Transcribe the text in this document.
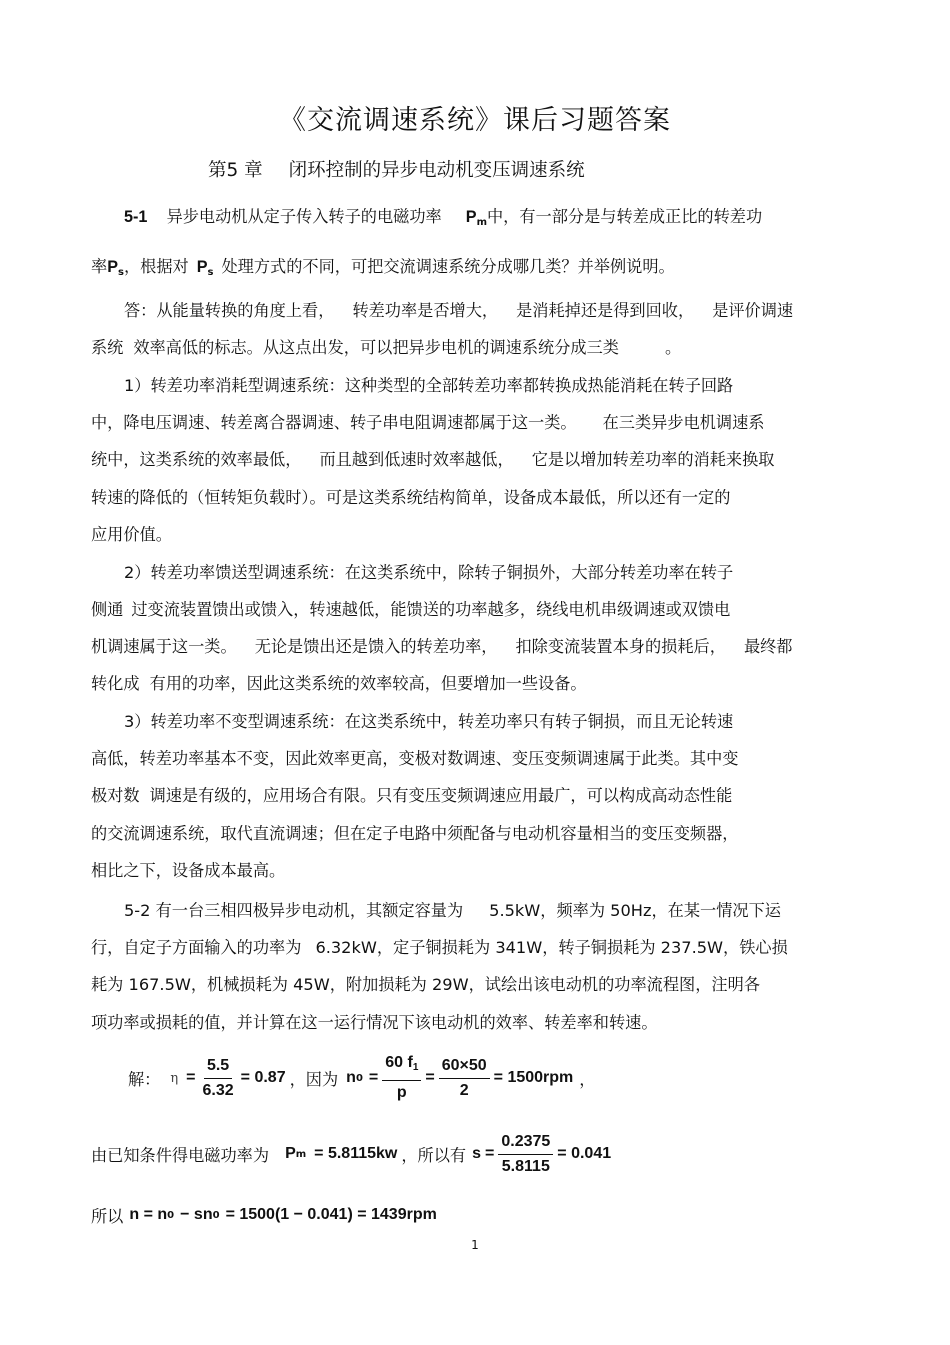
《交流调速系统》课后习题答案
第5 章 闭环控制的异步电动机变压调速系统
5-1 异步电动机从定子传入转子的电磁功率 $P_m$中，有一部分是与转差成正比的转差功
率$P_s$，根据对 $P_s$ 处理方式的不同，可把交流调速系统分成哪几类？并举例说明。
答：从能量转换的角度上看， 转差功率是否增大， 是消耗掉还是得到回收， 是评价调速
系统 效率高低的标志。从这点出发，可以把异步电机的调速系统分成三类	。
1）转差功率消耗型调速系统：这种类型的全部转差功率都转换成热能消耗在转子回路
中，降电压调速、转差离合器调速、转子串电阻调速都属于这一类。 在三类异步电机调速系
统中，这类系统的效率最低， 而且越到低速时效率越低， 它是以增加转差功率的消耗来换取
转速的降低的（恒转矩负载时）。可是这类系统结构简单，设备成本最低，所以还有一定的
应用价值。
2）转差功率馈送型调速系统：在这类系统中，除转子铜损外，大部分转差功率在转子
侧通 过变流装置馈出或馈入，转速越低，能馈送的功率越多，绕线电机串级调速或双馈电
机调速属于这一类。 无论是馈出还是馈入的转差功率， 扣除变流装置本身的损耗后， 最终都
转化成 有用的功率，因此这类系统的效率较高，但要增加一些设备。
3）转差功率不变型调速系统：在这类系统中，转差功率只有转子铜损，而且无论转速
高低，转差功率基本不变，因此效率更高，变极对数调速、变压变频调速属于此类。其中变
极对数 调速是有级的，应用场合有限。只有变压变频调速应用最广，可以构成高动态性能
的交流调速系统，取代直流调速；但在定子电路中须配备与电动机容量相当的变压变频器，
相比之下，设备成本最高。
5-2 有一台三相四极异步电动机，其额定容量为 5.5kW，频率为 50Hz，在某一情况下运
行，自定子方面输入的功率为 6.32kW，定子铜损耗为 341W，转子铜损耗为 237.5W，铁心损
耗为 167.5W，机械损耗为 45W，附加损耗为 29W，试绘出该电动机的功率流程图，注明各
项功率或损耗的值，并计算在这一运行情况下该电动机的效率、转差率和转速。
解： $\eta = \frac{5.5}{6.32} = 0.87$ ， 因为 n $0 = \frac{60 f_1}{p} = \frac{60\times 50}{2} = 1500rpm$ ，
由已知条件得电磁功率为 P m = 5.8115kw ，所以有 $s = \frac{0.2375}{5.8115} = 0.041$
所以 n = n 0 − sn 0 = 1500(1 − 0.041) = 1439rpm
1
